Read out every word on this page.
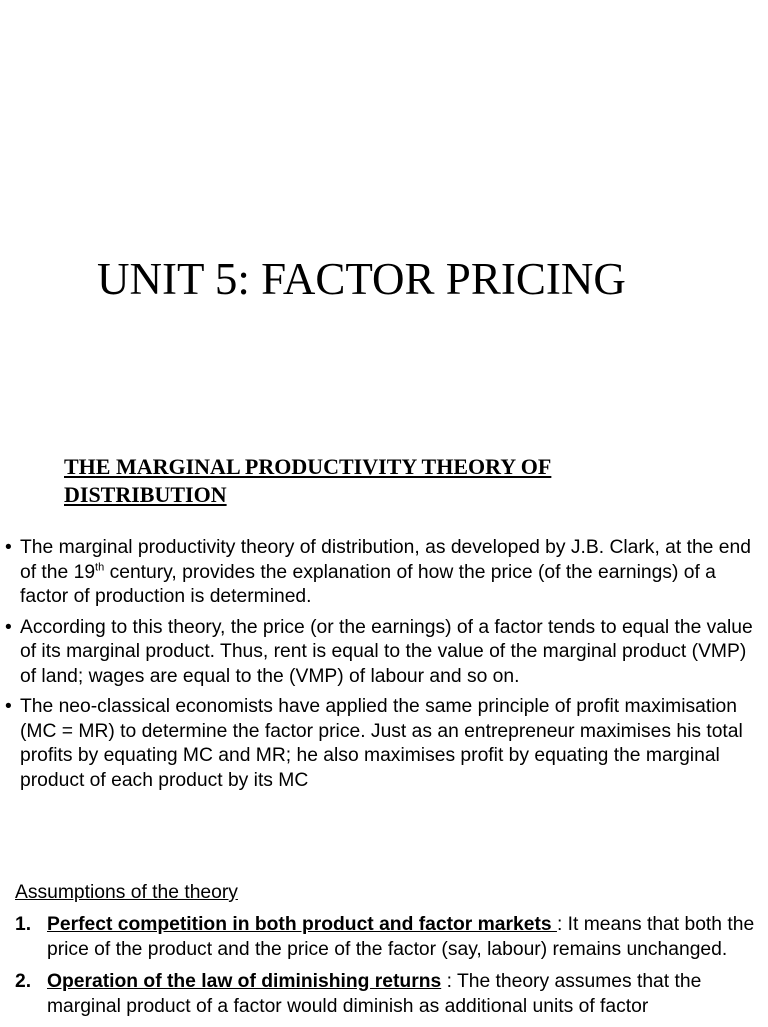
UNIT 5: FACTOR PRICING
THE MARGINAL PRODUCTIVITY THEORY OF DISTRIBUTION
• The marginal productivity theory of distribution, as developed by J.B. Clark, at the end of the 19th century, provides the explanation of how the price (of the earnings) of a factor of production is determined.
• According to this theory, the price (or the earnings) of a factor tends to equal the value of its marginal product. Thus, rent is equal to the value of the marginal product (VMP) of land; wages are equal to the (VMP) of labour and so on.
• The neo-classical economists have applied the same principle of profit maximisation (MC = MR) to determine the factor price. Just as an entrepreneur maximises his total profits by equating MC and MR; he also maximises profit by equating the marginal product of each product by its MC
Assumptions of the theory
1. Perfect competition in both product and factor markets : It means that both the price of the product and the price of the factor (say, labour) remains unchanged.
2. Operation of the law of diminishing returns : The theory assumes that the marginal product of a factor would diminish as additional units of factor
